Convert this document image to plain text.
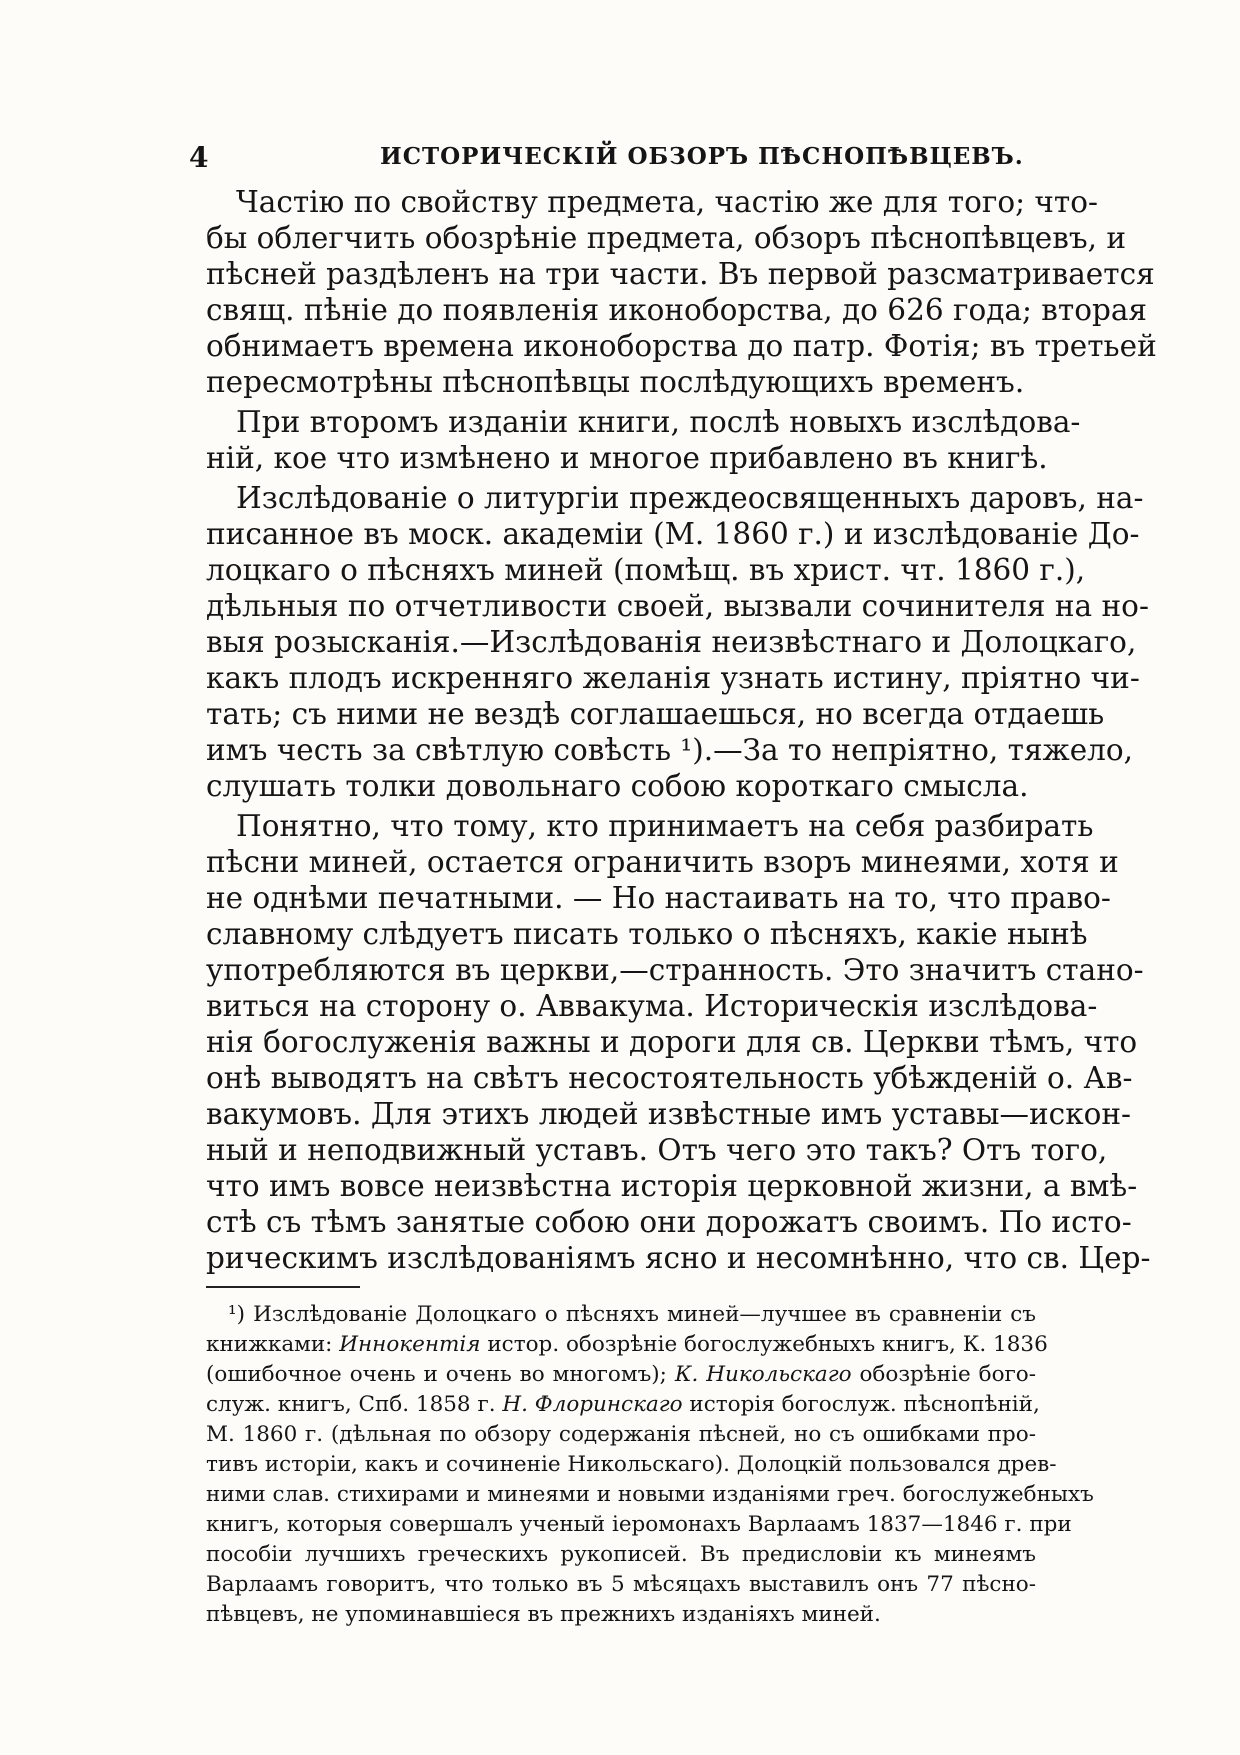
4	ИСТОРИЧЕСКІЙ ОБЗОРЪ ПѢСНОПѢВЦЕВЪ.
Частію по свойству предмета, частію же для того; что-
бы облегчить обозрѣніе предмета, обзоръ пѣснопѣвцевъ, и
пѣсней раздѣленъ на три части. Въ первой разсматривается
свящ. пѣніе до появленія иконоборства, до 626 года; вторая
обнимаетъ времена иконоборства до патр. Фотія; въ третьей
пересмотрѣны пѣснопѣвцы послѣдующихъ временъ.
При второмъ изданіи книги, послѣ новыхъ изслѣдова-
ній, кое что измѣнено и многое прибавлено въ книгѣ.
Изслѣдованіе о литургіи преждеосвященныхъ даровъ, на-
писанное въ моск. академіи (М. 1860 г.) и изслѣдованіе До-
лоцкаго о пѣсняхъ миней (помѣщ. въ христ. чт. 1860 г.),
дѣльныя по отчетливости своей, вызвали сочинителя на но-
выя розысканія.—Изслѣдованія неизвѣстнаго и Долоцкаго,
какъ плодъ искренняго желанія узнать истину, пріятно чи-
тать; съ ними не вездѣ соглашаешься, но всегда отдаешь
имъ честь за свѣтлую совѣсть ¹).—За то непріятно, тяжело,
слушать толки довольнаго собою короткаго смысла.
Понятно, что тому, кто принимаетъ на себя разбирать
пѣсни миней, остается ограничить взоръ минеями, хотя и
не однѣми печатными. — Но настаивать на то, что право-
славному слѣдуетъ писать только о пѣсняхъ, какіе нынѣ
употребляются въ церкви,—странность. Это значитъ стано-
виться на сторону о. Аввакума. Историческія изслѣдова-
нія богослуженія важны и дороги для св. Церкви тѣмъ, что
онѣ выводятъ на свѣтъ несостоятельность убѣжденій о. Ав-
вакумовъ. Для этихъ людей извѣстные имъ уставы—искон-
ный и неподвижный уставъ. Отъ чего это такъ? Отъ того,
что имъ вовсе неизвѣстна исторія церковной жизни, а вмѣ-
стѣ съ тѣмъ занятые собою они дорожатъ своимъ. По исто-
рическимъ изслѣдованіямъ ясно и несомнѣнно, что св. Цер-
¹) Изслѣдованіе Долоцкаго о пѣсняхъ миней—лучшее въ сравненіи съ
книжками: Иннокентія истор. обозрѣніе богослужебныхъ книгъ, К. 1836
(ошибочное очень и очень во многомъ); К. Никольскаго обозрѣніе бого-
служ. книгъ, Спб. 1858 г. Н. Флоринскаго исторія богослуж. пѣснопѣній,
М. 1860 г. (дѣльная по обзору содержанія пѣсней, но съ ошибками про-
тивъ исторіи, какъ и сочиненіе Никольскаго). Долоцкій пользовался древ-
ними слав. стихирами и минеями и новыми изданіями греч. богослужебныхъ
книгъ, которыя совершалъ ученый іеромонахъ Варлаамъ 1837—1846 г. при
пособіи лучшихъ греческихъ рукописей. Въ предисловіи къ минеямъ
Варлаамъ говоритъ, что только въ 5 мѣсяцахъ выставилъ онъ 77 пѣсно-
пѣвцевъ, не упоминавшіеся въ прежнихъ изданіяхъ миней.
